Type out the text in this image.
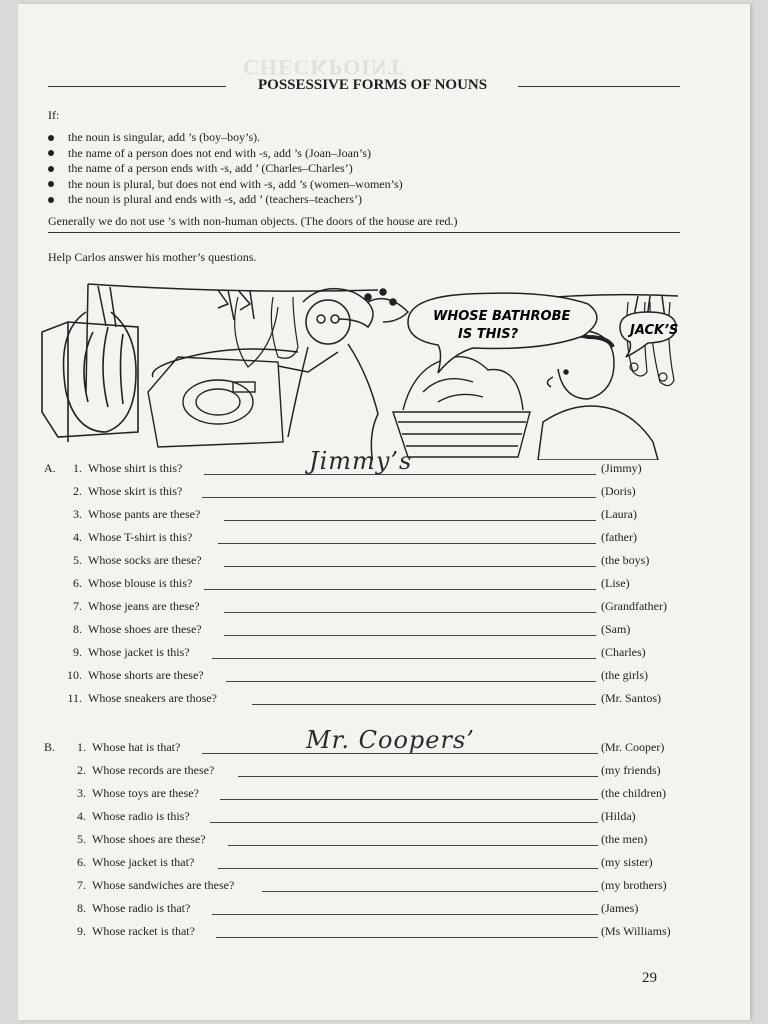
CHECKPOINT
POSSESSIVE FORMS OF NOUNS
If:
the noun is singular, add ’s (boy–boy’s).
the name of a person does not end with -s, add ’s (Joan–Joan’s)
the name of a person ends with -s, add ’ (Charles–Charles’)
the noun is plural, but does not end with -s, add ’s (women–women’s)
the noun is plural and ends with -s, add ’ (teachers–teachers’)
Generally we do not use ’s with non-human objects. (The doors of the house are red.)
Help Carlos answer his mother’s questions.
WHOSE BATHROBE
IS THIS?	JACK’S
A.	1. Whose shirt is this?	Jimmy’s	(Jimmy)
2. Whose skirt is this?	(Doris)
3. Whose pants are these?	(Laura)
4. Whose T-shirt is this?	(father)
5. Whose socks are these?	(the boys)
6. Whose blouse is this?	(Lise)
7. Whose jeans are these?	(Grandfather)
8. Whose shoes are these?	(Sam)
9. Whose jacket is this?	(Charles)
10. Whose shorts are these?	(the girls)
11. Whose sneakers are those?	(Mr. Santos)
B.	1. Whose hat is that?	Mr. Coopers’	(Mr. Cooper)
2. Whose records are these?	(my friends)
3. Whose toys are these?	(the children)
4. Whose radio is this?	(Hilda)
5. Whose shoes are these?	(the men)
6. Whose jacket is that?	(my sister)
7. Whose sandwiches are these?	(my brothers)
8. Whose radio is that?	(James)
9. Whose racket is that?	(Ms Williams)
29
